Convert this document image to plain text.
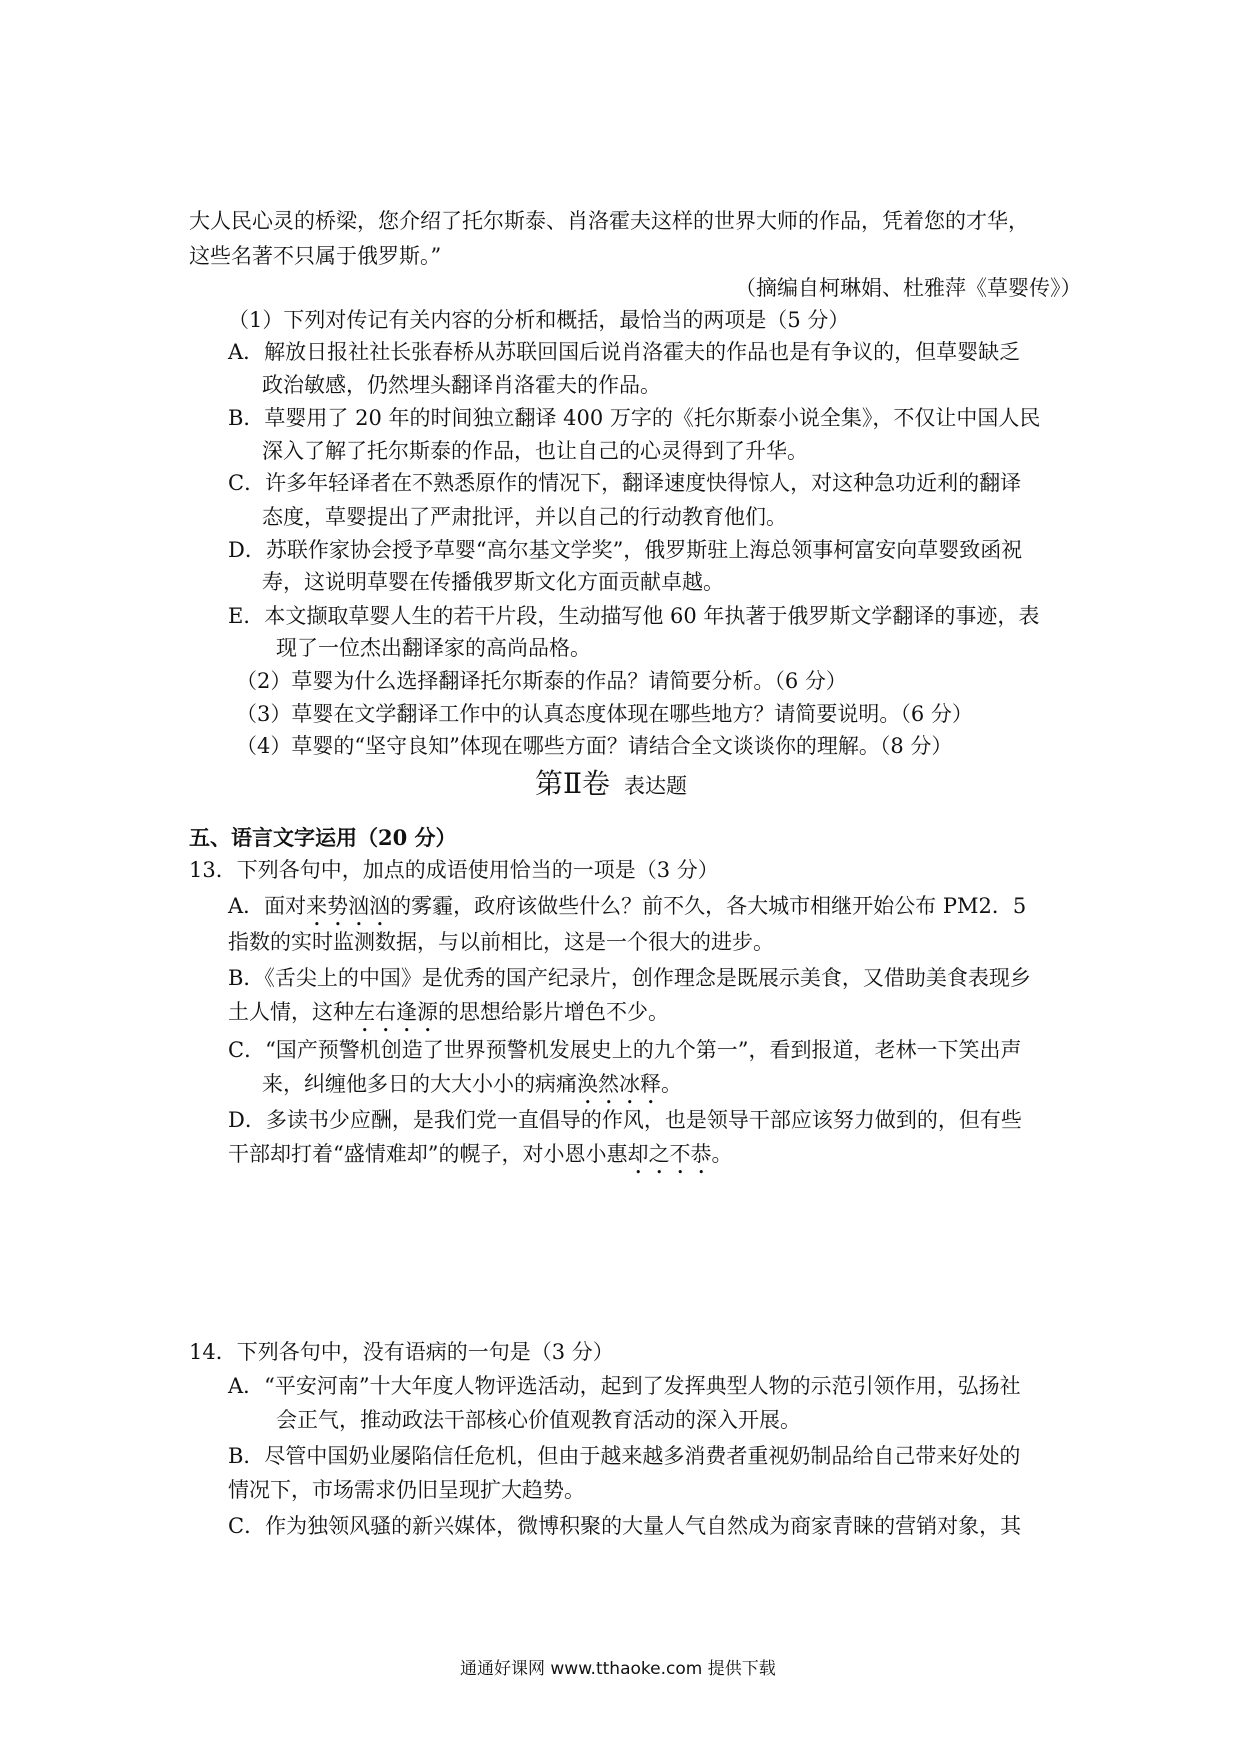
大人民心灵的桥梁，您介绍了托尔斯泰、肖洛霍夫这样的世界大师的作品，凭着您的才华，
这些名著不只属于俄罗斯。”
（摘编自柯琳娟、杜雅萍《草婴传》）
（1）下列对传记有关内容的分析和概括，最恰当的两项是（5 分）
A．解放日报社社长张春桥从苏联回国后说肖洛霍夫的作品也是有争议的，但草婴缺乏
政治敏感，仍然埋头翻译肖洛霍夫的作品。
B．草婴用了 20 年的时间独立翻译 400 万字的《托尔斯泰小说全集》，不仅让中国人民
深入了解了托尔斯泰的作品，也让自己的心灵得到了升华。
C．许多年轻译者在不熟悉原作的情况下，翻译速度快得惊人，对这种急功近利的翻译
态度，草婴提出了严肃批评，并以自己的行动教育他们。
D．苏联作家协会授予草婴“高尔基文学奖”，俄罗斯驻上海总领事柯富安向草婴致函祝
寿，这说明草婴在传播俄罗斯文化方面贡献卓越。
E．本文撷取草婴人生的若干片段，生动描写他 60 年执著于俄罗斯文学翻译的事迹，表
现了一位杰出翻译家的高尚品格。
（2）草婴为什么选择翻译托尔斯泰的作品？请简要分析。（6 分）
（3）草婴在文学翻译工作中的认真态度体现在哪些地方？请简要说明。（6 分）
（4）草婴的“坚守良知”体现在哪些方面？请结合全文谈谈你的理解。（8 分）
第Ⅱ卷 表达题
五、语言文字运用（20 分）
13．下列各句中，加点的成语使用恰当的一项是（3 分）
A．面对来势汹汹的雾霾，政府该做些什么？前不久，各大城市相继开始公布 PM2．5
指数的实时监测数据，与以前相比，这是一个很大的进步。
B．《舌尖上的中国》是优秀的国产纪录片，创作理念是既展示美食，又借助美食表现乡
土人情，这种左右逢源的思想给影片增色不少。
C．“国产预警机创造了世界预警机发展史上的九个第一”，看到报道，老林一下笑出声
来，纠缠他多日的大大小小的病痛涣然冰释。
D．多读书少应酬，是我们党一直倡导的作风，也是领导干部应该努力做到的，但有些
干部却打着“盛情难却”的幌子，对小恩小惠却之不恭。
14．下列各句中，没有语病的一句是（3 分）
A．“平安河南”十大年度人物评选活动，起到了发挥典型人物的示范引领作用，弘扬社
会正气，推动政法干部核心价值观教育活动的深入开展。
B．尽管中国奶业屡陷信任危机，但由于越来越多消费者重视奶制品给自己带来好处的
情况下，市场需求仍旧呈现扩大趋势。
C．作为独领风骚的新兴媒体，微博积聚的大量人气自然成为商家青睐的营销对象，其
通通好课网 www.tthaoke.com 提供下载
